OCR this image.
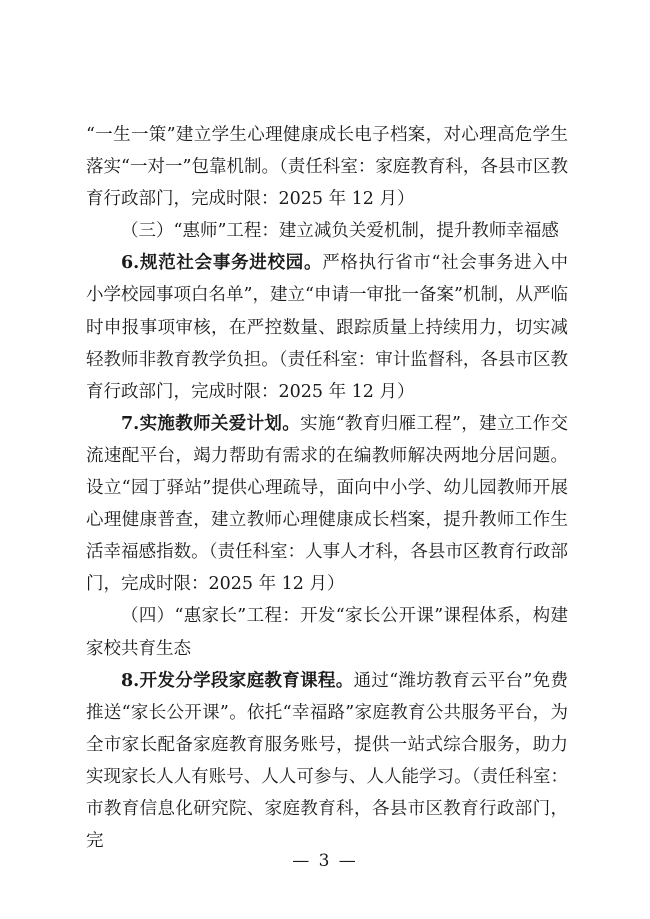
“一生一策”建立学生心理健康成长电子档案，对心理高危学生落实“一对一”包靠机制。（责任科室：家庭教育科，各县市区教育行政部门，完成时限：2025 年 12 月）

（三）“惠师”工程：建立减负关爱机制，提升教师幸福感

6.规范社会事务进校园。严格执行省市“社会事务进入中小学校园事项白名单”，建立“申请一审批一备案”机制，从严临时申报事项审核，在严控数量、跟踪质量上持续用力，切实减轻教师非教育教学负担。（责任科室：审计监督科，各县市区教育行政部门，完成时限：2025 年 12 月）

7.实施教师关爱计划。实施“教育归雁工程”，建立工作交流速配平台，竭力帮助有需求的在编教师解决两地分居问题。设立“园丁驿站”提供心理疏导，面向中小学、幼儿园教师开展心理健康普查，建立教师心理健康成长档案，提升教师工作生活幸福感指数。（责任科室：人事人才科，各县市区教育行政部门，完成时限：2025 年 12 月）

（四）“惠家长”工程：开发“家长公开课”课程体系，构建家校共育生态

8.开发分学段家庭教育课程。通过“潍坊教育云平台”免费推送“家长公开课”。依托“幸福路”家庭教育公共服务平台，为全市家长配备家庭教育服务账号，提供一站式综合服务，助力实现家长人人有账号、人人可参与、人人能学习。（责任科室：市教育信息化研究院、家庭教育科，各县市区教育行政部门，完

— 3 —
